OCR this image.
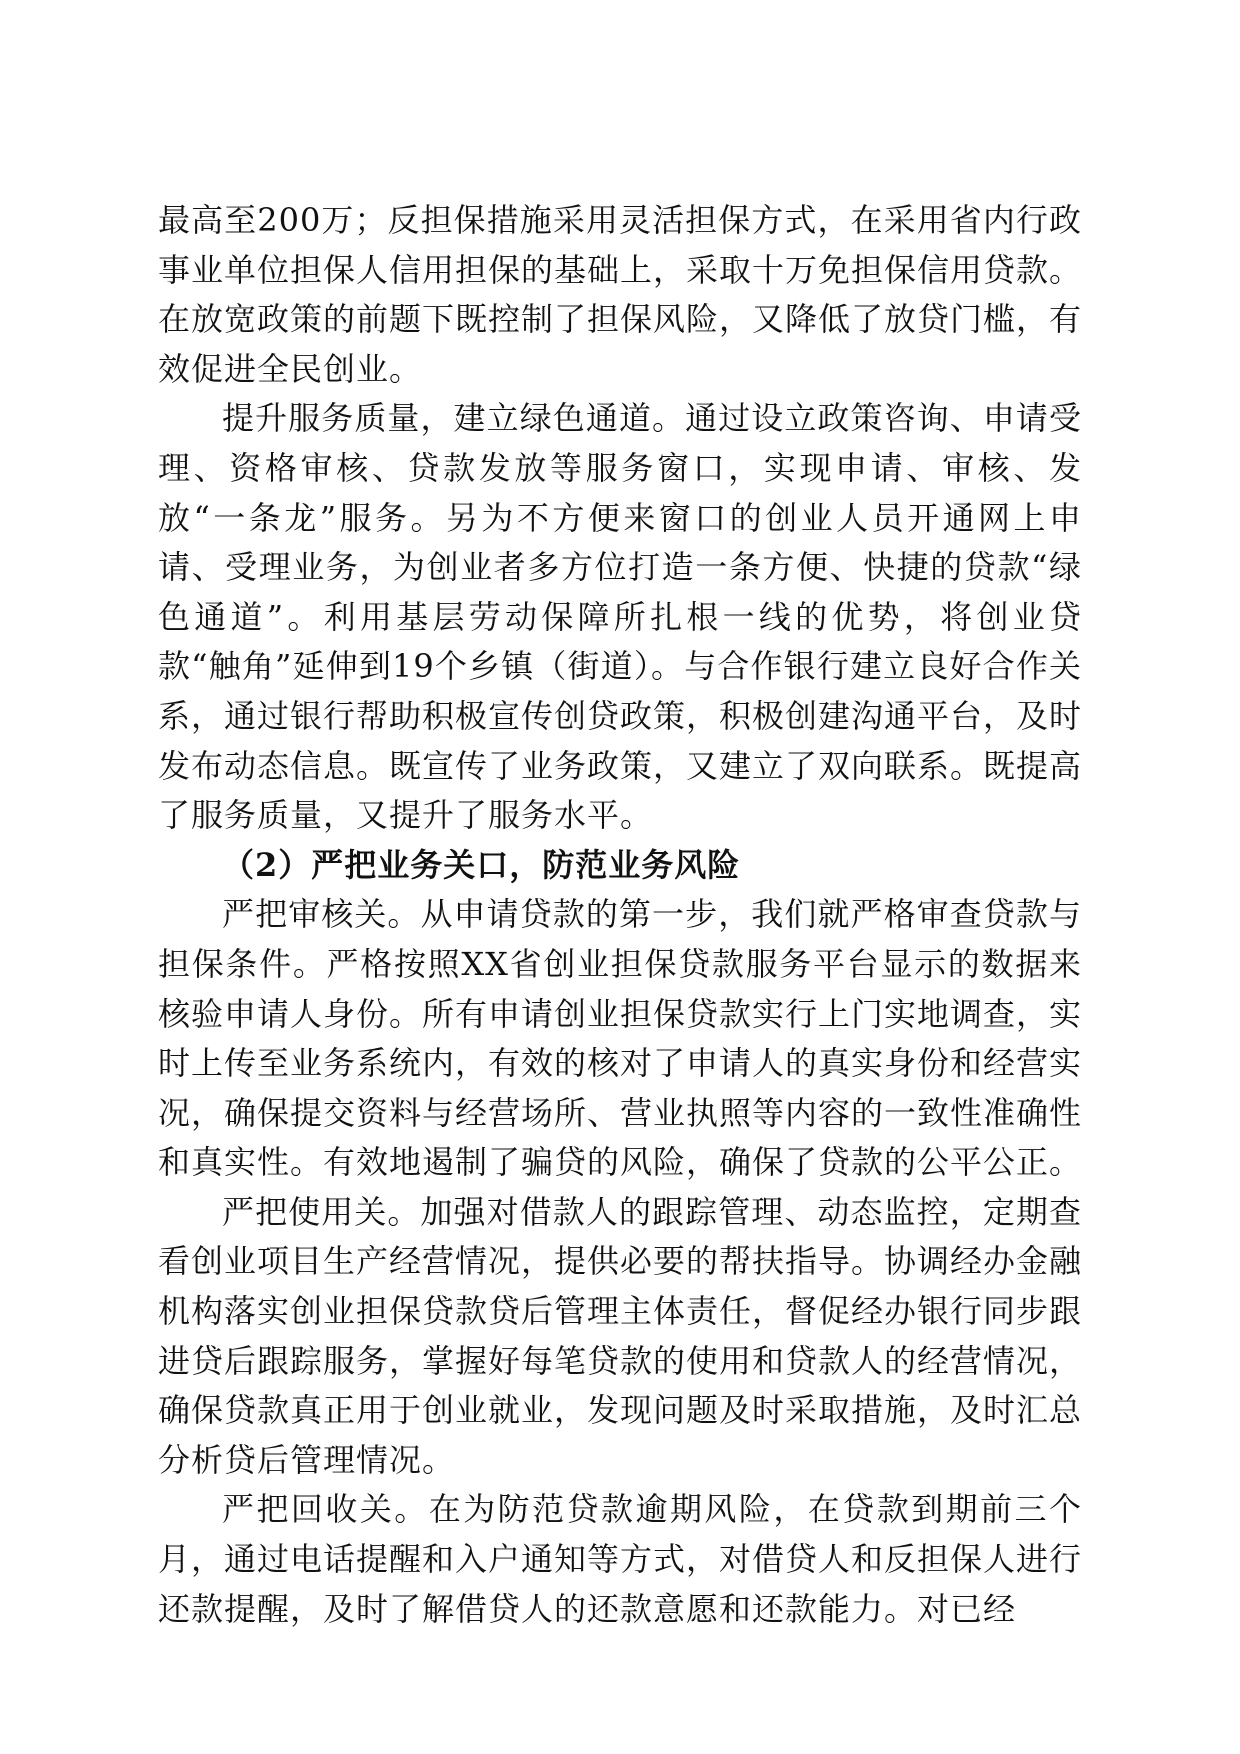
最高至200万；反担保措施采用灵活担保方式，在采用省内行政事业单位担保人信用担保的基础上，采取十万免担保信用贷款。在放宽政策的前题下既控制了担保风险，又降低了放贷门槛，有效促进全民创业。

提升服务质量，建立绿色通道。通过设立政策咨询、申请受理、资格审核、贷款发放等服务窗口，实现申请、审核、发放“一条龙”服务。另为不方便来窗口的创业人员开通网上申请、受理业务，为创业者多方位打造一条方便、快捷的贷款“绿色通道”。利用基层劳动保障所扎根一线的优势，将创业贷款“触角”延伸到19个乡镇（街道）。与合作银行建立良好合作关系，通过银行帮助积极宣传创贷政策，积极创建沟通平台，及时发布动态信息。既宣传了业务政策，又建立了双向联系。既提高了服务质量，又提升了服务水平。

（2）严把业务关口，防范业务风险

严把审核关。从申请贷款的第一步，我们就严格审查贷款与担保条件。严格按照XX省创业担保贷款服务平台显示的数据来核验申请人身份。所有申请创业担保贷款实行上门实地调查，实时上传至业务系统内，有效的核对了申请人的真实身份和经营实况，确保提交资料与经营场所、营业执照等内容的一致性准确性和真实性。有效地遏制了骗贷的风险，确保了贷款的公平公正。

严把使用关。加强对借款人的跟踪管理、动态监控，定期查看创业项目生产经营情况，提供必要的帮扶指导。协调经办金融机构落实创业担保贷款贷后管理主体责任，督促经办银行同步跟进贷后跟踪服务，掌握好每笔贷款的使用和贷款人的经营情况，确保贷款真正用于创业就业，发现问题及时采取措施，及时汇总分析贷后管理情况。

严把回收关。在为防范贷款逾期风险，在贷款到期前三个月，通过电话提醒和入户通知等方式，对借贷人和反担保人进行还款提醒，及时了解借贷人的还款意愿和还款能力。对已经
